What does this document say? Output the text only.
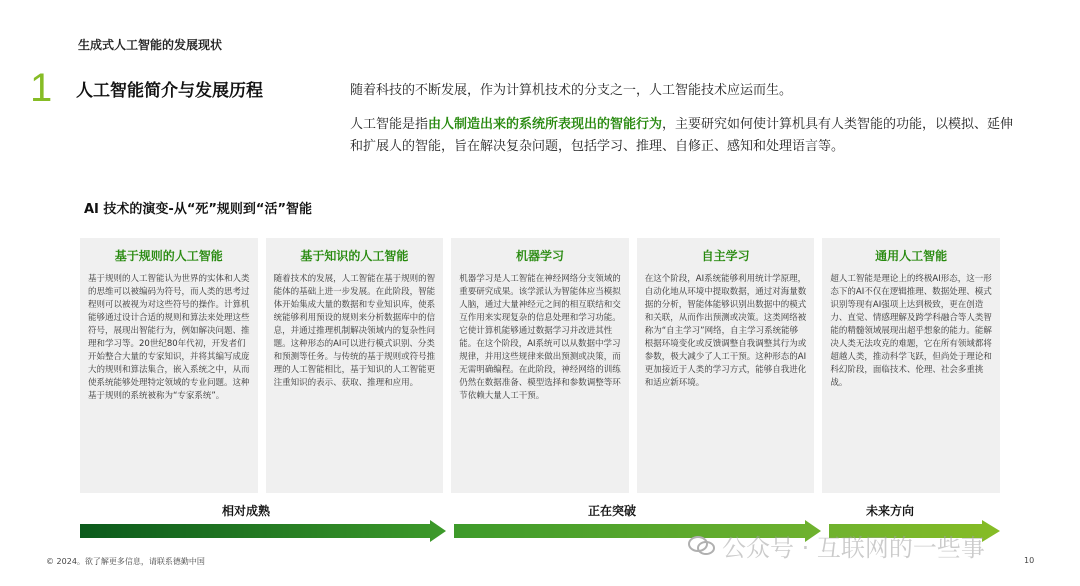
生成式人工智能的发展现状
1 人工智能简介与发展历程	随着科技的不断发展，作为计算机技术的分支之一，人工智能技术应运而生。

人工智能是指由人制造出来的系统所表现出的智能行为，主要研究如何使计算机具有人类智能的功能，以模拟、延伸和扩展人的智能，旨在解决复杂问题，包括学习、推理、自修正、感知和处理语言等。

AI 技术的演变-从“死”规则到“活”智能
基于规则的人工智能
基于规则的人工智能认为世界的实体和人类的思维可以被编码为符号，而人类的思考过程则可以被视为对这些符号的操作。计算机能够通过设计合适的规则和算法来处理这些符号，展现出智能行为，例如解决问题、推理和学习等。20世纪80年代初，开发者们开始整合大量的专家知识，并将其编写成庞大的规则和算法集合，嵌入系统之中，从而使系统能够处理特定领域的专业问题。这种基于规则的系统被称为“专家系统”。
基于知识的人工智能
随着技术的发展，人工智能在基于规则的智能体的基础上进一步发展。在此阶段，智能体开始集成大量的数据和专业知识库，使系统能够利用预设的规则来分析数据库中的信息，并通过推理机制解决领域内的复杂性问题。这种形态的AI可以进行模式识别、分类和预测等任务。与传统的基于规则或符号推理的人工智能相比，基于知识的人工智能更注重知识的表示、获取、推理和应用。
机器学习
机器学习是人工智能在神经网络分支领域的重要研究成果。该学派认为智能体应当模拟人脑，通过大量神经元之间的相互联结和交互作用来实现复杂的信息处理和学习功能。它使计算机能够通过数据学习并改进其性能。在这个阶段，AI系统可以从数据中学习规律，并用这些规律来做出预测或决策，而无需明确编程。在此阶段，神经网络的训练仍然在数据准备、模型选择和参数调整等环节依赖大量人工干预。
自主学习
在这个阶段，AI系统能够利用统计学原理，自动化地从环境中提取数据，通过对海量数据的分析，智能体能够识别出数据中的模式和关联，从而作出预测或决策。这类网络被称为“自主学习”网络，自主学习系统能够根据环境变化或反馈调整自我调整其行为或参数，极大减少了人工干预。这种形态的AI更加接近于人类的学习方式，能够自我进化和适应新环境。
通用人工智能
超人工智能是理论上的终极AI形态，这一形态下的AI不仅在逻辑推理、数据处理、模式识别等现有AI强项上达到极致，更在创造力、直觉、情感理解及跨学科融合等人类智能的精髓领域展现出超乎想象的能力。能解决人类无法攻克的难题，它在所有领域都将超越人类，推动科学飞跃，但尚处于理论和科幻阶段，面临技术、伦理、社会多重挑战。
相对成熟	正在突破	未来方向
公众号 · 互联网的一些事
© 2024。欲了解更多信息，请联系德勤中国	10
